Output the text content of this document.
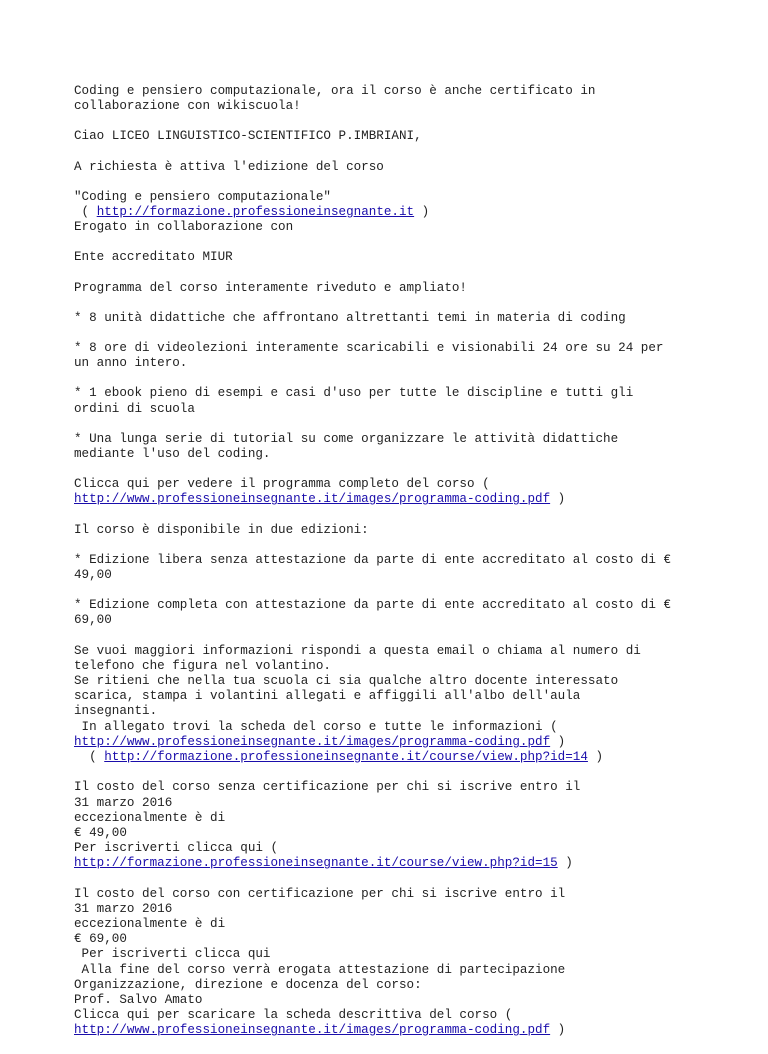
Coding e pensiero computazionale, ora il corso è anche certificato in
collaborazione con wikiscuola!
Ciao LICEO LINGUISTICO-SCIENTIFICO P.IMBRIANI,
A richiesta è attiva l'edizione del corso
"Coding e pensiero computazionale"
( http://formazione.professioneinsegnante.it )
Erogato in collaborazione con
Ente accreditato MIUR
Programma del corso interamente riveduto e ampliato!
* 8 unità didattiche che affrontano altrettanti temi in materia di coding
* 8 ore di videolezioni interamente scaricabili e visionabili 24 ore su 24 per
un anno intero.
* 1 ebook pieno di esempi e casi d'uso per tutte le discipline e tutti gli
ordini di scuola
* Una lunga serie di tutorial su come organizzare le attività didattiche
mediante l'uso del coding.
Clicca qui per vedere il programma completo del corso (
http://www.professioneinsegnante.it/images/programma-coding.pdf )
Il corso è disponibile in due edizioni:
* Edizione libera senza attestazione da parte di ente accreditato al costo di €
49,00
* Edizione completa con attestazione da parte di ente accreditato al costo di €
69,00
Se vuoi maggiori informazioni rispondi a questa email o chiama al numero di
telefono che figura nel volantino.
Se ritieni che nella tua scuola ci sia qualche altro docente interessato
scarica, stampa i volantini allegati e affiggili all'albo dell'aula
insegnanti.
In allegato trovi la scheda del corso e tutte le informazioni (
http://www.professioneinsegnante.it/images/programma-coding.pdf )
( http://formazione.professioneinsegnante.it/course/view.php?id=14 )
Il costo del corso senza certificazione per chi si iscrive entro il
31 marzo 2016
eccezionalmente è di
€ 49,00
Per iscriverti clicca qui (
http://formazione.professioneinsegnante.it/course/view.php?id=15 )
Il costo del corso con certificazione per chi si iscrive entro il
31 marzo 2016
eccezionalmente è di
€ 69,00
Per iscriverti clicca qui
Alla fine del corso verrà erogata attestazione di partecipazione
Organizzazione, direzione e docenza del corso:
Prof. Salvo Amato
Clicca qui per scaricare la scheda descrittiva del corso (
http://www.professioneinsegnante.it/images/programma-coding.pdf )
